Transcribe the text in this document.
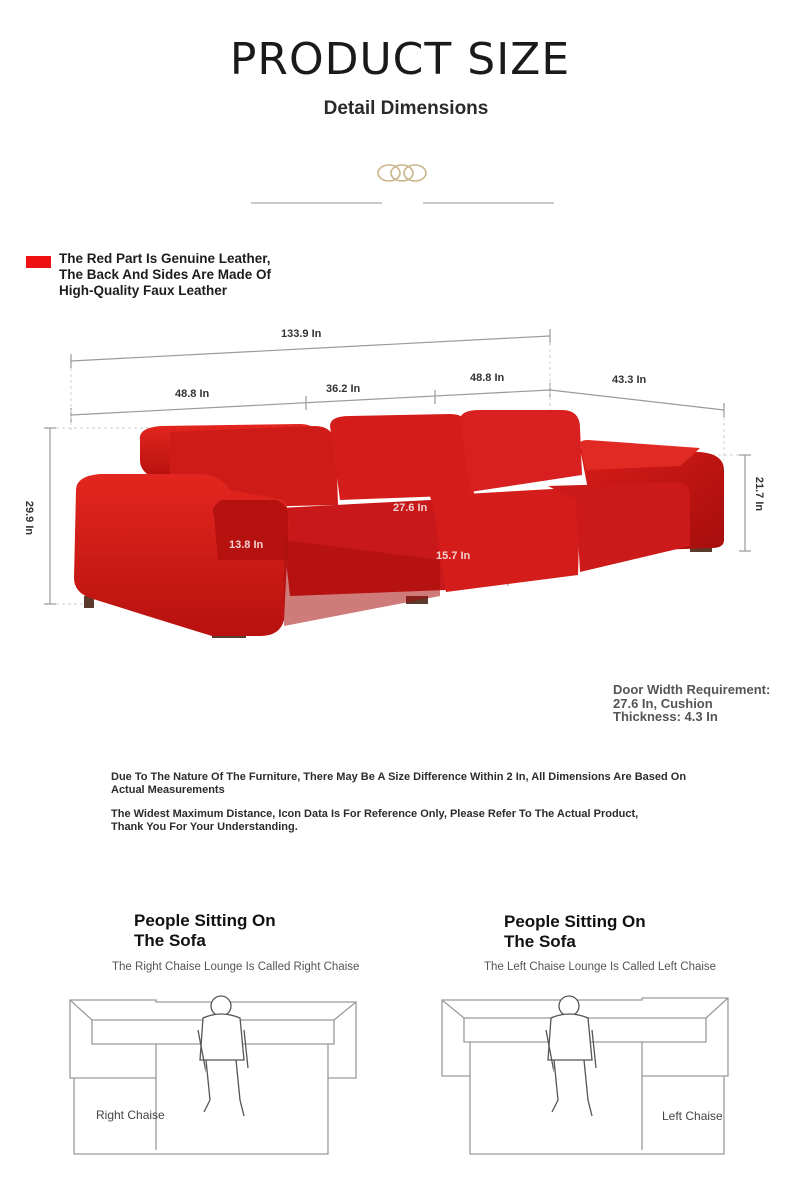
PRODUCT SIZE
Detail Dimensions
The Red Part Is Genuine Leather, The Back And Sides Are Made Of High-Quality Faux Leather
133.9 In
48.8 In	36.2 In
48.8 In	43.3 In
29.9 In
21.7 In
27.6 In
13.8 In
15.7 In
Door Width Requirement: 27.6 In, Cushion Thickness: 4.3 In
Due To The Nature Of The Furniture, There May Be A Size Difference Within 2 In, All Dimensions Are Based On Actual Measurements
The Widest Maximum Distance, Icon Data Is For Reference Only, Please Refer To The Actual Product, Thank You For Your Understanding.
People Sitting On The Sofa
The Right Chaise Lounge Is Called Right Chaise
People Sitting On The Sofa
The Left Chaise Lounge Is Called Left Chaise
Right Chaise	Left Chaise
